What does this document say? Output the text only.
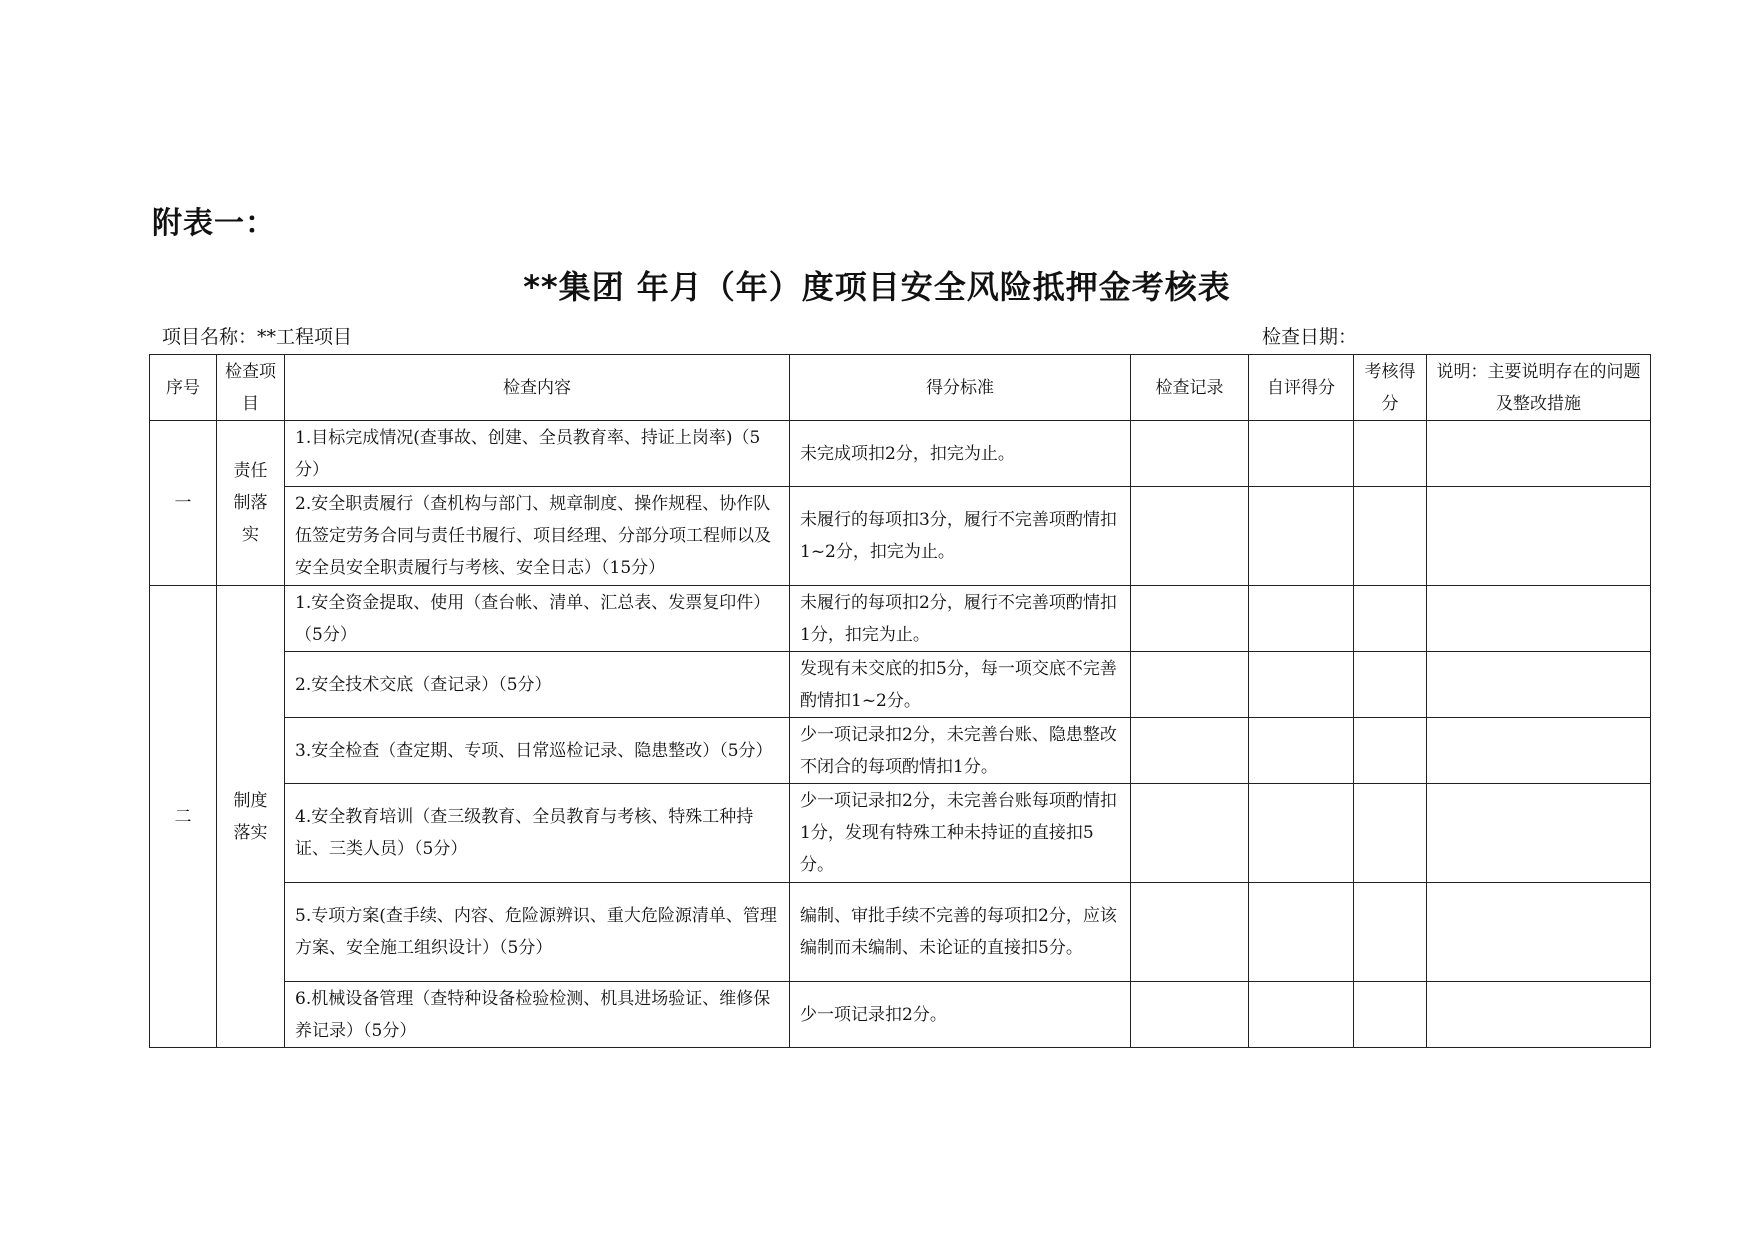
附表一：
**集团 年月（年）度项目安全风险抵押金考核表
项目名称：**工程项目	检查日期：
序号	检查项目	检查内容	得分标准	检查记录	自评得分	考核得分	说明：主要说明存在的问题及整改措施
一	责任制落实	1.目标完成情况(查事故、创建、全员教育率、持证上岗率)（5分）	未完成项扣2分，扣完为止。				
		2.安全职责履行（查机构与部门、规章制度、操作规程、协作队伍签定劳务合同与责任书履行、项目经理、分部分项工程师以及安全员安全职责履行与考核、安全日志）（15分）	未履行的每项扣3分，履行不完善项酌情扣1~2分，扣完为止。				
二	制度落实	1.安全资金提取、使用（查台帐、清单、汇总表、发票复印件）（5分）	未履行的每项扣2分，履行不完善项酌情扣1分，扣完为止。				
		2.安全技术交底（查记录）（5分）	发现有未交底的扣5分，每一项交底不完善酌情扣1~2分。				
		3.安全检查（查定期、专项、日常巡检记录、隐患整改）（5分）	少一项记录扣2分，未完善台账、隐患整改不闭合的每项酌情扣1分。				
		4.安全教育培训（查三级教育、全员教育与考核、特殊工种持证、三类人员）（5分）	少一项记录扣2分，未完善台账每项酌情扣1分，发现有特殊工种未持证的直接扣5分。				
		5.专项方案(查手续、内容、危险源辨识、重大危险源清单、管理方案、安全施工组织设计）（5分）	编制、审批手续不完善的每项扣2分，应该编制而未编制、未论证的直接扣5分。				
		6.机械设备管理（查特种设备检验检测、机具进场验证、维修保养记录）（5分）	少一项记录扣2分。				
